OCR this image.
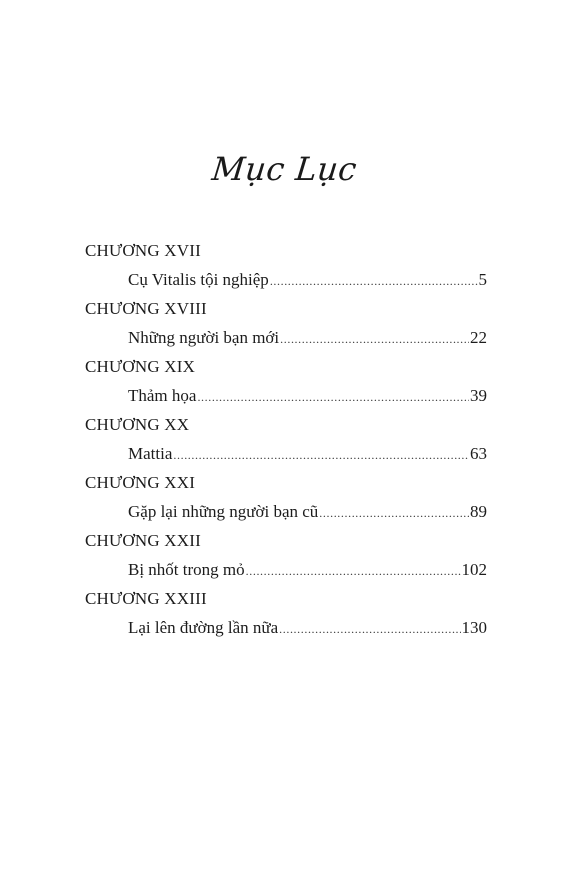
Mục Lục
CHƯƠNG XVII
Cụ Vitalis tội nghiệp .....	5
CHƯƠNG XVIII
Những người bạn mới .....	22
CHƯƠNG XIX
Thảm họa .....	39
CHƯƠNG XX
Mattia .....	63
CHƯƠNG XXI
Gặp lại những người bạn cũ .....	89
CHƯƠNG XXII
Bị nhốt trong mỏ .....	102
CHƯƠNG XXIII
Lại lên đường lần nữa .....	130
